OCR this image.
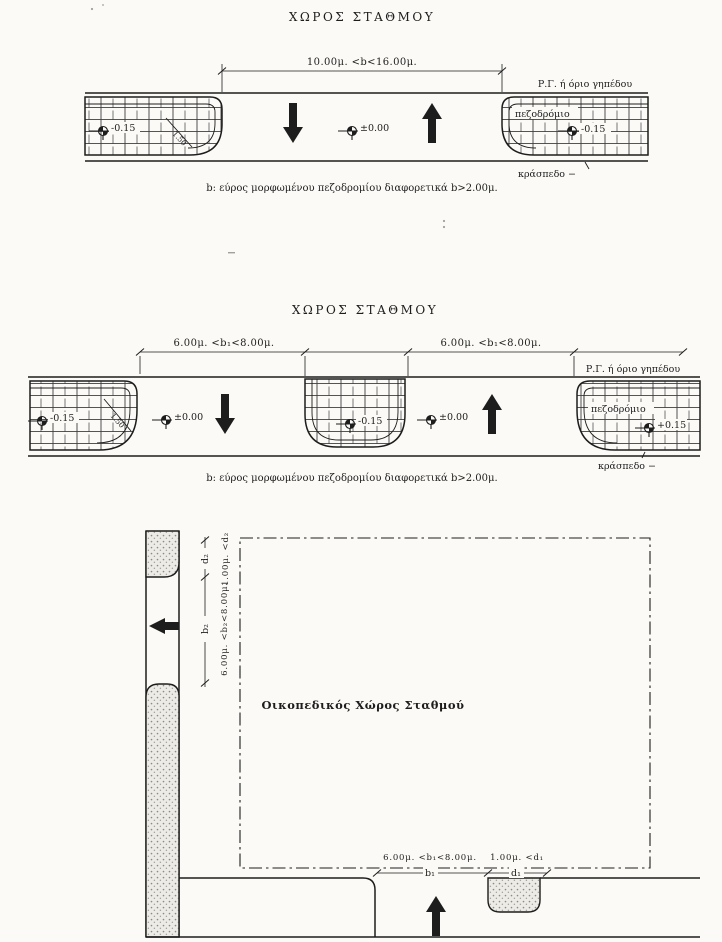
ΧΩΡΟΣ ΣΤΑΘΜΟΥ
10.00μ. <b<16.00μ.
Ρ.Γ. ή όριο γηπέδου
1.50
-0.15
πεζοδρόμιο
-0.15
±0.00
κράσπεδο −
b: εύρος μορφωμένου πεζοδρομίου διαφορετικά b>2.00μ.
ΧΩΡΟΣ ΣΤΑΘΜΟΥ
6.00μ. <b₁<8.00μ.	6.00μ. <b₁<8.00μ.
Ρ.Γ. ή όριο γηπέδου
-0.15	1.50	±0.00	-0.15	±0.00
πεζοδρόμιο
+0.15
κράσπεδο −
b: εύρος μορφωμένου πεζοδρομίου διαφορετικά b>2.00μ.
d₂
b₂
1.00μ. <d₂
6.00μ. <b₂<8.00μ.
Οικοπεδικός Χώρος Σταθμού
b₁	d₁
6.00μ. <b₁<8.00μ. 1.00μ. <d₁
